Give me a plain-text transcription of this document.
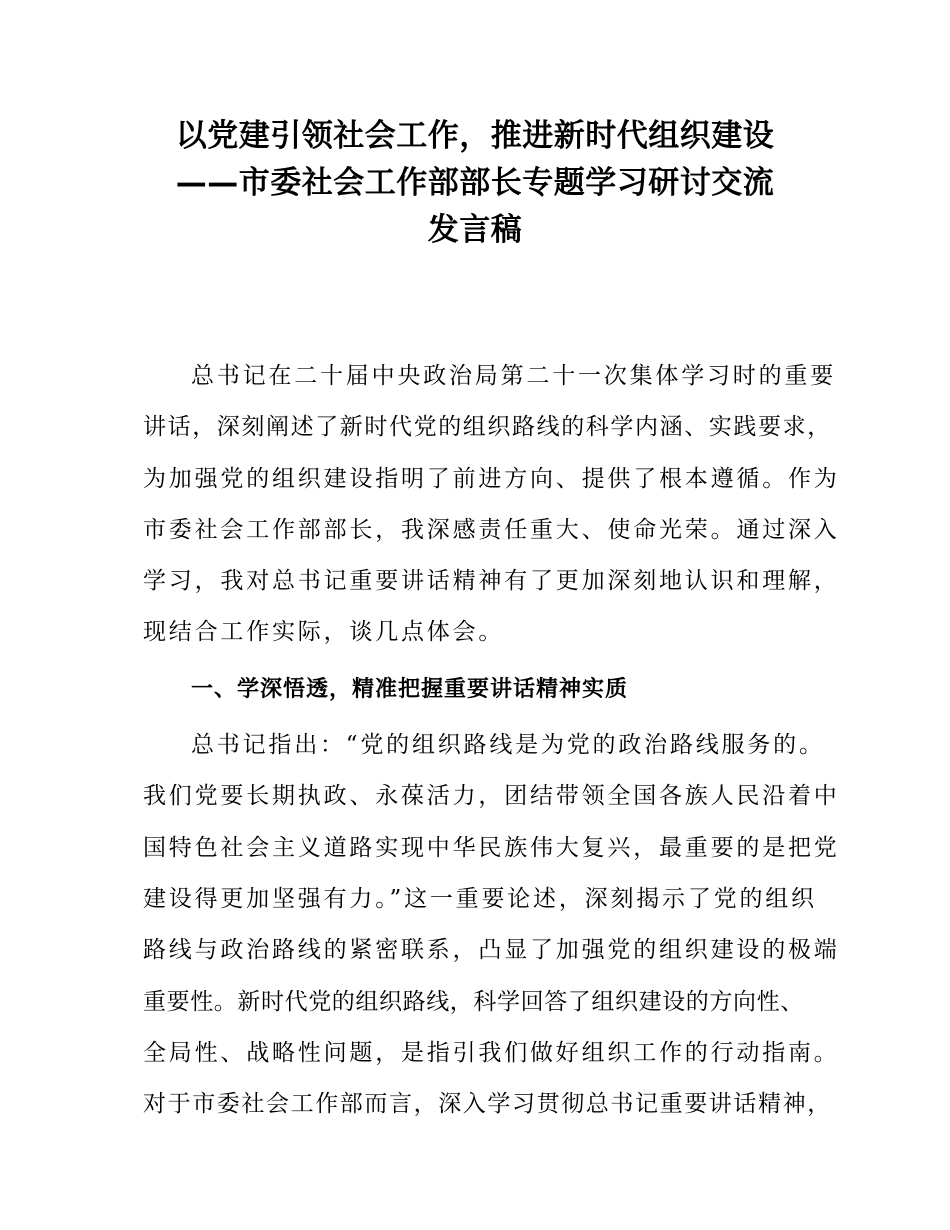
以党建引领社会工作，推进新时代组织建设
——市委社会工作部部长专题学习研讨交流
发言稿
总书记在二十届中央政治局第二十一次集体学习时的重要
讲话，深刻阐述了新时代党的组织路线的科学内涵、实践要求，
为加强党的组织建设指明了前进方向、提供了根本遵循。作为
市委社会工作部部长，我深感责任重大、使命光荣。通过深入
学习，我对总书记重要讲话精神有了更加深刻地认识和理解，
现结合工作实际，谈几点体会。
一、学深悟透，精准把握重要讲话精神实质
总书记指出：“党的组织路线是为党的政治路线服务的。
我们党要长期执政、永葆活力，团结带领全国各族人民沿着中
国特色社会主义道路实现中华民族伟大复兴，最重要的是把党
建设得更加坚强有力。”这一重要论述，深刻揭示了党的组织
路线与政治路线的紧密联系，凸显了加强党的组织建设的极端
重要性。新时代党的组织路线，科学回答了组织建设的方向性、
全局性、战略性问题，是指引我们做好组织工作的行动指南。
对于市委社会工作部而言，深入学习贯彻总书记重要讲话精神，
